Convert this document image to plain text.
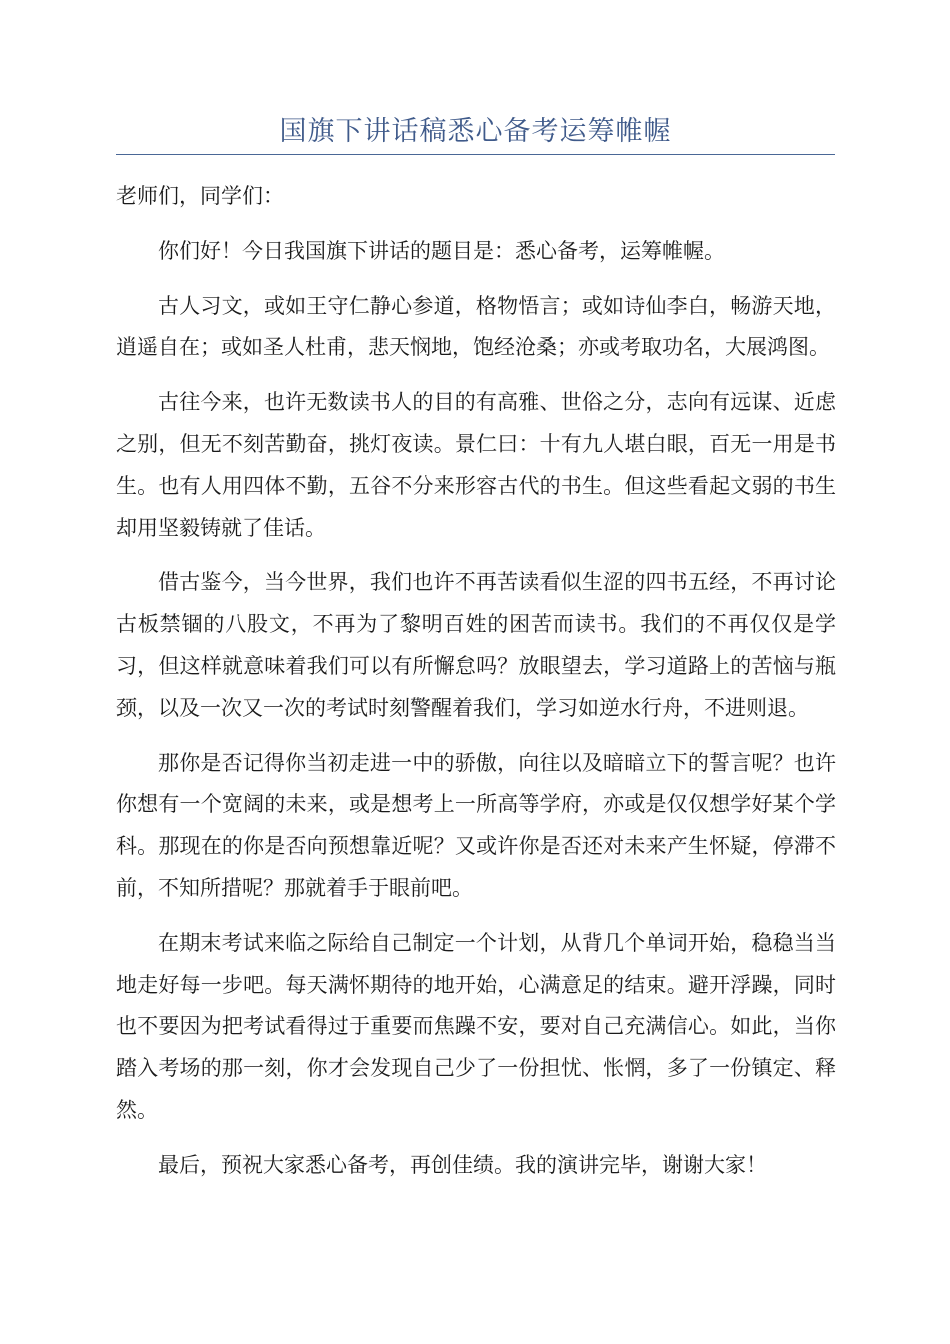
国旗下讲话稿悉心备考运筹帷幄

老师们，同学们：

你们好！今日我国旗下讲话的题目是：悉心备考，运筹帷幄。

古人习文，或如王守仁静心参道，格物悟言；或如诗仙李白，畅游天地，逍遥自在；或如圣人杜甫，悲天悯地，饱经沧桑；亦或考取功名，大展鸿图。

古往今来，也许无数读书人的目的有高雅、世俗之分，志向有远谋、近虑之别，但无不刻苦勤奋，挑灯夜读。景仁曰：十有九人堪白眼，百无一用是书生。也有人用四体不勤，五谷不分来形容古代的书生。但这些看起文弱的书生却用坚毅铸就了佳话。

借古鉴今，当今世界，我们也许不再苦读看似生涩的四书五经，不再讨论古板禁锢的八股文，不再为了黎明百姓的困苦而读书。我们的不再仅仅是学习，但这样就意味着我们可以有所懈怠吗？放眼望去，学习道路上的苦恼与瓶颈，以及一次又一次的考试时刻警醒着我们，学习如逆水行舟，不进则退。

那你是否记得你当初走进一中的骄傲，向往以及暗暗立下的誓言呢？也许你想有一个宽阔的未来，或是想考上一所高等学府，亦或是仅仅想学好某个学科。那现在的你是否向预想靠近呢？又或许你是否还对未来产生怀疑，停滞不前，不知所措呢？那就着手于眼前吧。

在期末考试来临之际给自己制定一个计划，从背几个单词开始，稳稳当当地走好每一步吧。每天满怀期待的地开始，心满意足的结束。避开浮躁，同时也不要因为把考试看得过于重要而焦躁不安，要对自己充满信心。如此，当你踏入考场的那一刻，你才会发现自己少了一份担忧、怅惘，多了一份镇定、释然。

最后，预祝大家悉心备考，再创佳绩。我的演讲完毕，谢谢大家！
